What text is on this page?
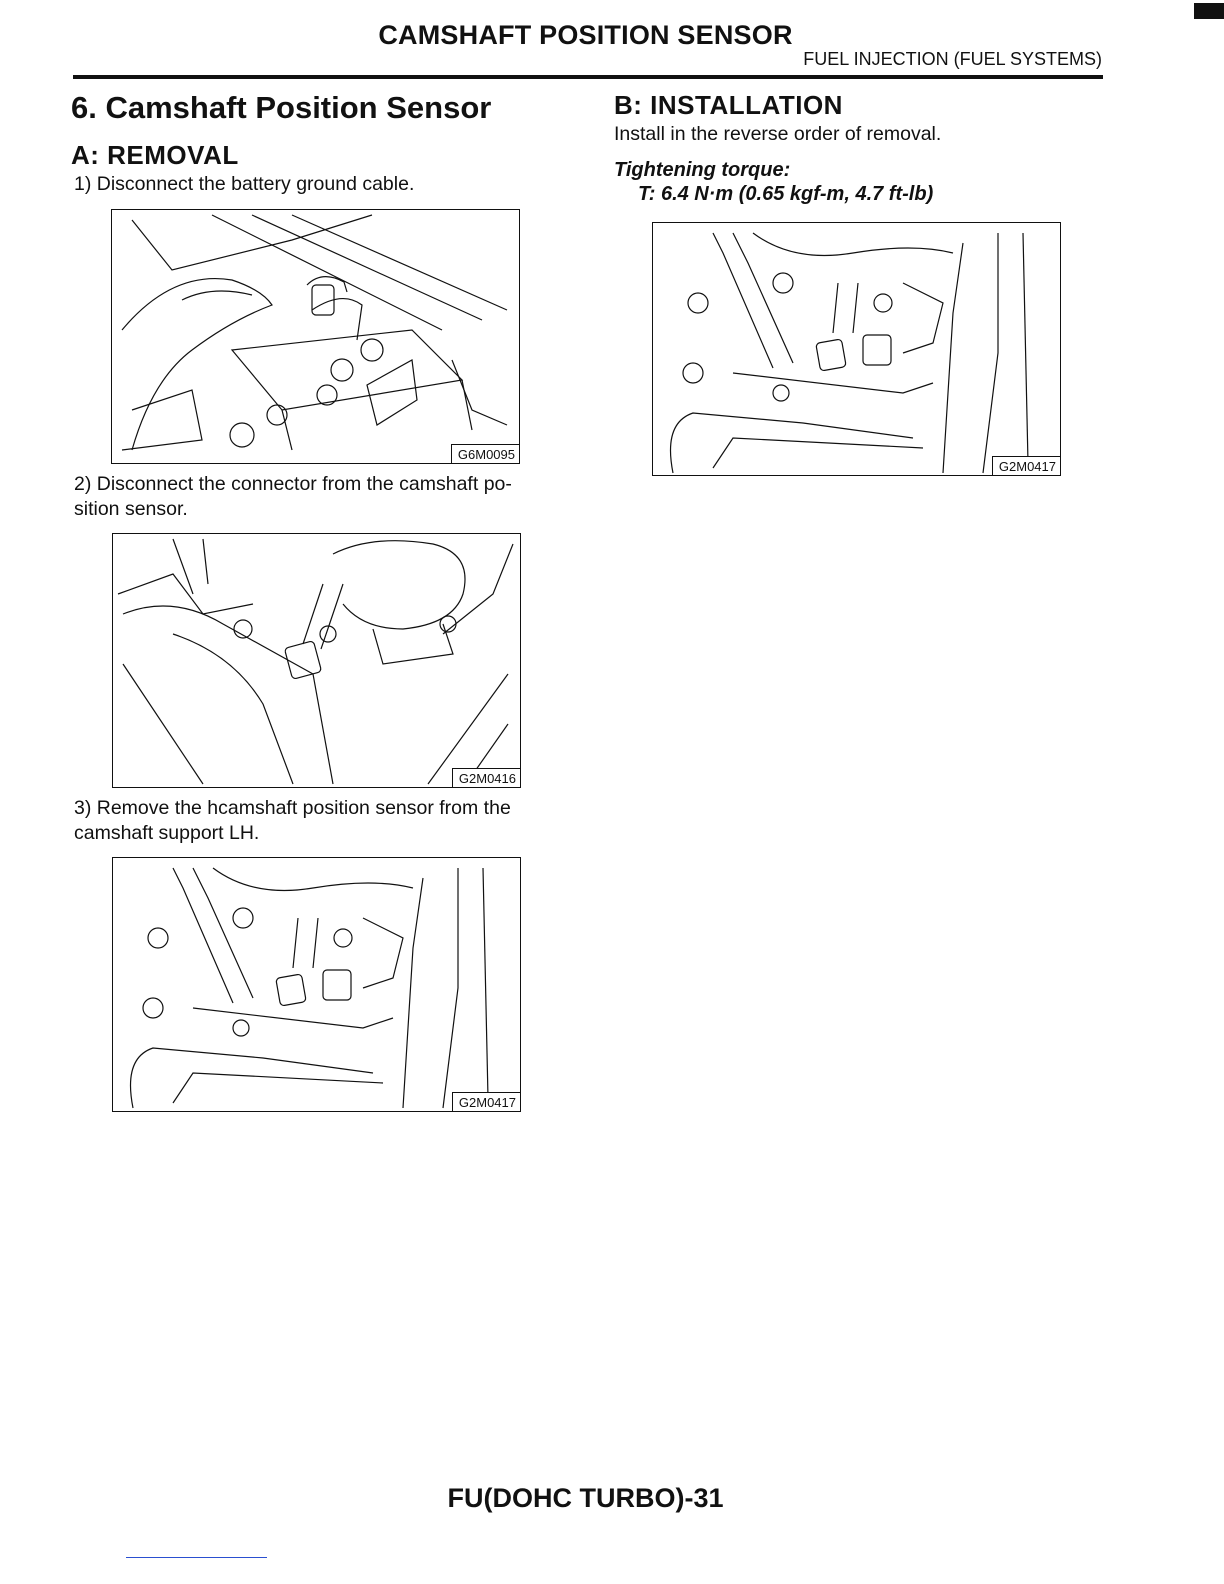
CAMSHAFT POSITION SENSOR
FUEL INJECTION (FUEL SYSTEMS)
6. Camshaft Position Sensor
A: REMOVAL
1) Disconnect the battery ground cable.
G6M0095
2) Disconnect the connector from the camshaft po-
sition sensor.
G2M0416
3) Remove the hcamshaft position sensor from the
camshaft support LH.
G2M0417
B: INSTALLATION
Install in the reverse order of removal.
Tightening torque:
T: 6.4 N·m (0.65 kgf-m, 4.7 ft-lb)
G2M0417
FU(DOHC TURBO)-31
